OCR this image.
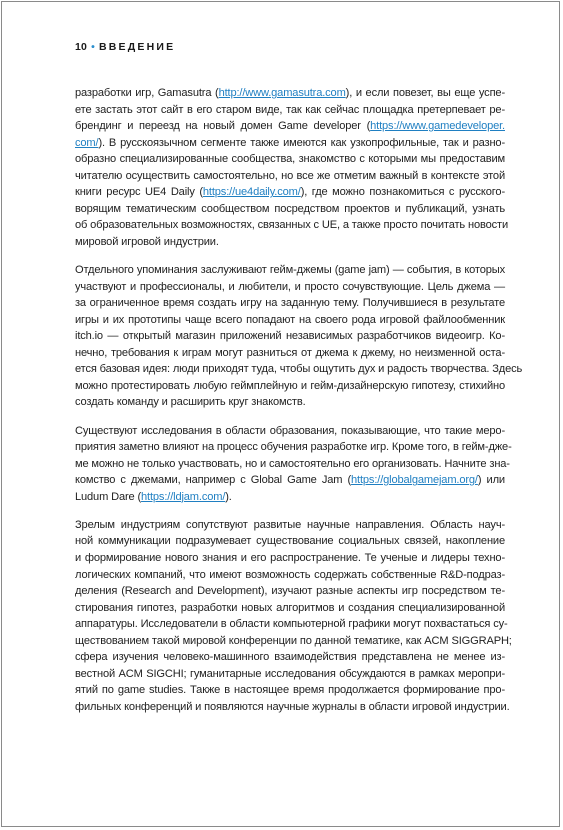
10 • ВВЕДЕНИЕ

разработки игр, Gamasutra (http://www.gamasutra.com), и если повезет, вы еще успе-
ете застать этот сайт в его старом виде, так как сейчас площадка претерпевает ре-
брендинг и переезд на новый домен Game developer (https://www.gamedeveloper.
com/). В русскоязычном сегменте также имеются как узкопрофильные, так и разно-
образно специализированные сообщества, знакомство с которыми мы предоставим
читателю осуществить самостоятельно, но все же отметим важный в контексте этой
книги ресурс UE4 Daily (https://ue4daily.com/), где можно познакомиться с русского-
ворящим тематическим сообществом посредством проектов и публикаций, узнать
об образовательных возможностях, связанных с UE, а также просто почитать новости
мировой игровой индустрии.

Отдельного упоминания заслуживают гейм-джемы (game jam) — события, в которых
участвуют и профессионалы, и любители, и просто сочувствующие. Цель джема —
за ограниченное время создать игру на заданную тему. Получившиеся в результате
игры и их прототипы чаще всего попадают на своего рода игровой файлообменник
itch.io — открытый магазин приложений независимых разработчиков видеоигр. Ко-
нечно, требования к играм могут разниться от джема к джему, но неизменной оста-
ется базовая идея: люди приходят туда, чтобы ощутить дух и радость творчества. Здесь
можно протестировать любую геймплейную и гейм-дизайнерскую гипотезу, стихийно
создать команду и расширить круг знакомств.

Существуют исследования в области образования, показывающие, что такие меро-
приятия заметно влияют на процесс обучения разработке игр. Кроме того, в гейм-дже-
ме можно не только участвовать, но и самостоятельно его организовать. Начните зна-
комство с джемами, например с Global Game Jam (https://globalgamejam.org/) или
Ludum Dare (https://ldjam.com/).

Зрелым индустриям сопутствуют развитые научные направления. Область науч-
ной коммуникации подразумевает существование социальных связей, накопление
и формирование нового знания и его распространение. Те ученые и лидеры техно-
логических компаний, что имеют возможность содержать собственные R&D-подраз-
деления (Research and Development), изучают разные аспекты игр посредством те-
стирования гипотез, разработки новых алгоритмов и создания специализированной
аппаратуры. Исследователи в области компьютерной графики могут похвастаться су-
ществованием такой мировой конференции по данной тематике, как ACM SIGGRAPH;
сфера изучения человеко-машинного взаимодействия представлена не менее из-
вестной ACM SIGCHI; гуманитарные исследования обсуждаются в рамках меропри-
ятий по game studies. Также в настоящее время продолжается формирование про-
фильных конференций и появляются научные журналы в области игровой индустрии.
